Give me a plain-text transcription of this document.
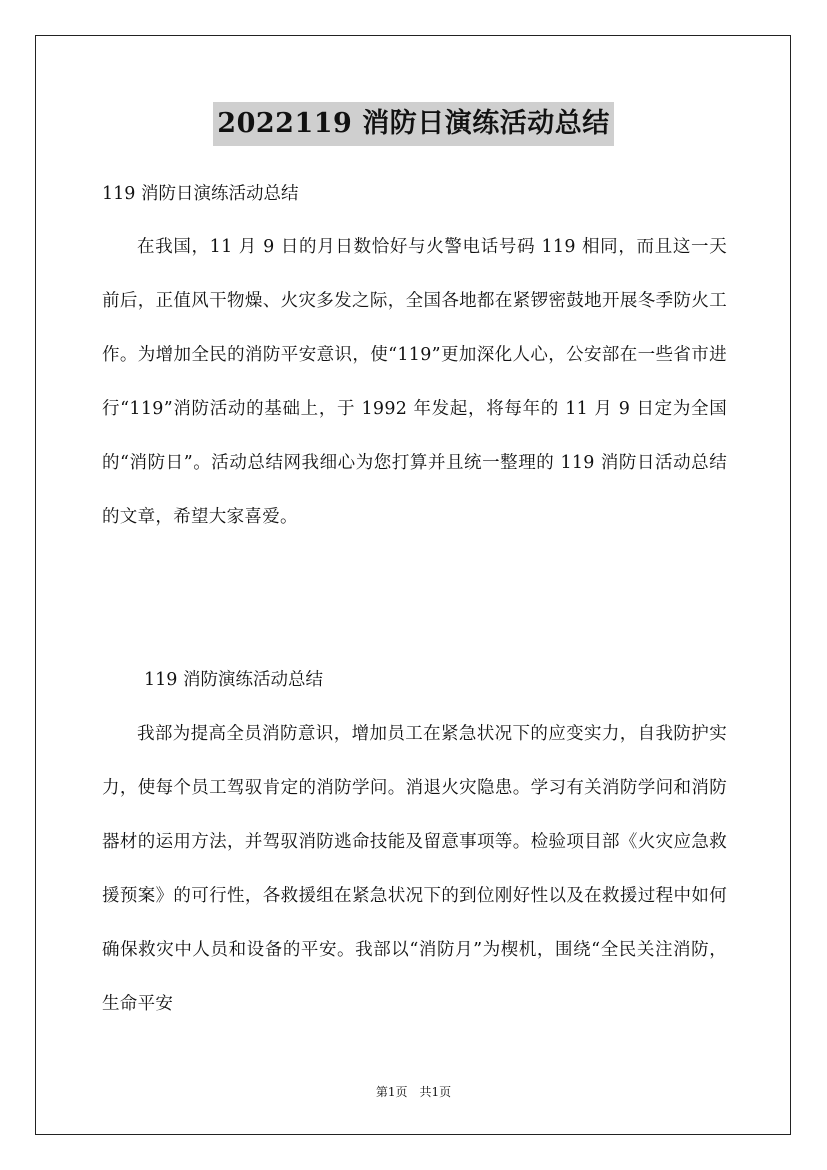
2022119 消防日演练活动总结
119 消防日演练活动总结
在我国，11 月 9 日的月日数恰好与火警电话号码 119 相同，而且这一天前后，正值风干物燥、火灾多发之际，全国各地都在紧锣密鼓地开展冬季防火工作。为增加全民的消防平安意识，使“119”更加深化人心，公安部在一些省市进行“119”消防活动的基础上，于 1992 年发起，将每年的 11 月 9 日定为全国的“消防日”。活动总结网我细心为您打算并且统一整理的 119 消防日活动总结的文章，希望大家喜爱。
119 消防演练活动总结
我部为提高全员消防意识，增加员工在紧急状况下的应变实力，自我防护实力，使每个员工驾驭肯定的消防学问。消退火灾隐患。学习有关消防学问和消防器材的运用方法，并驾驭消防逃命技能及留意事项等。检验项目部《火灾应急救援预案》的可行性，各救援组在紧急状况下的到位刚好性以及在救援过程中如何确保救灾中人员和设备的平安。我部以“消防月”为楔机，围绕“全民关注消防，生命平安
第1页　共1页
